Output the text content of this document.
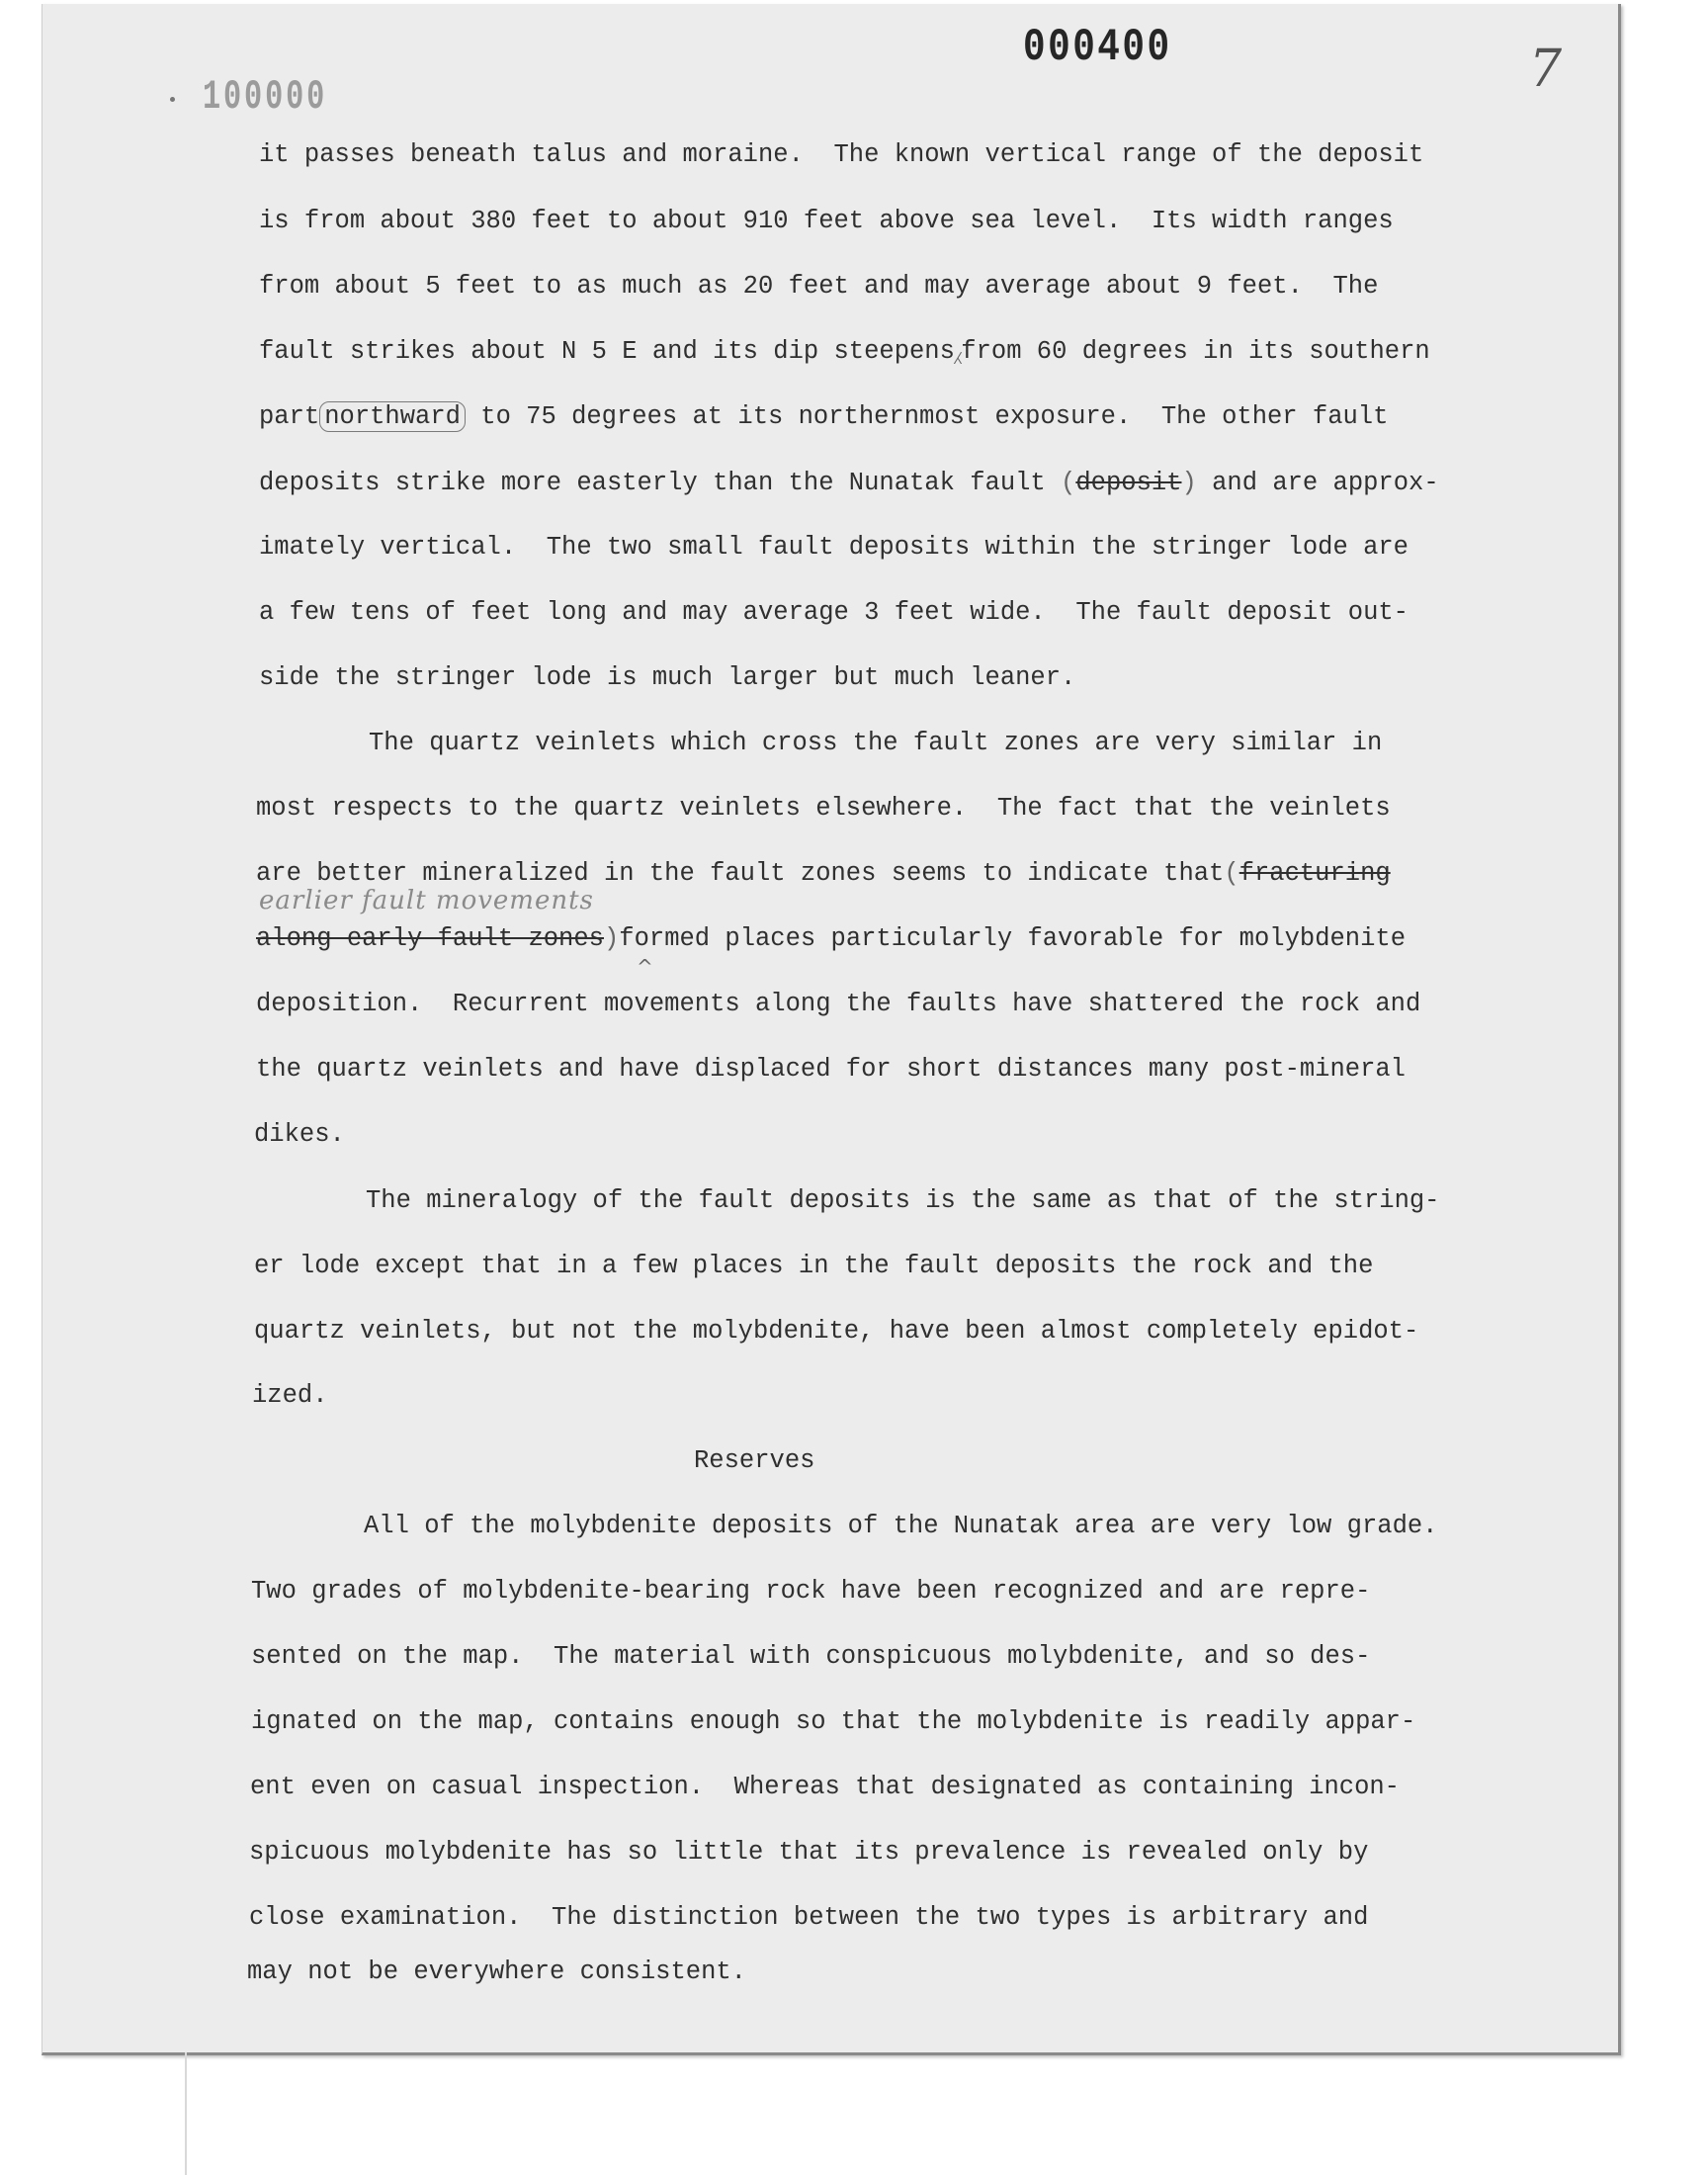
100000
000400	7
it passes beneath talus and moraine.  The known vertical range of the deposit
is from about 380 feet to about 910 feet above sea level.  Its width ranges
from about 5 feet to as much as 20 feet and may average about 9 feet.  The
fault strikes about N 5 E and its dip steepens⁁from 60 degrees in its southern
part northward to 75 degrees at its northernmost exposure.  The other fault
deposits strike more easterly than the Nunatak fault (deposit) and are approx-
imately vertical.  The two small fault deposits within the stringer lode are
a few tens of feet long and may average 3 feet wide.  The fault deposit out-
side the stringer lode is much larger but much leaner.
The quartz veinlets which cross the fault zones are very similar in
most respects to the quartz veinlets elsewhere.  The fact that the veinlets
are better mineralized in the fault zones seems to indicate that(fracturing
earlier fault movements
along early fault zones)formed places particularly favorable for molybdenite
^
deposition.  Recurrent movements along the faults have shattered the rock and
the quartz veinlets and have displaced for short distances many post-mineral
dikes.
The mineralogy of the fault deposits is the same as that of the string-
er lode except that in a few places in the fault deposits the rock and the
quartz veinlets, but not the molybdenite, have been almost completely epidot-
ized.
Reserves
All of the molybdenite deposits of the Nunatak area are very low grade.
Two grades of molybdenite-bearing rock have been recognized and are repre-
sented on the map.  The material with conspicuous molybdenite, and so des-
ignated on the map, contains enough so that the molybdenite is readily appar-
ent even on casual inspection.  Whereas that designated as containing incon-
spicuous molybdenite has so little that its prevalence is revealed only by
close examination.  The distinction between the two types is arbitrary and
may not be everywhere consistent.
